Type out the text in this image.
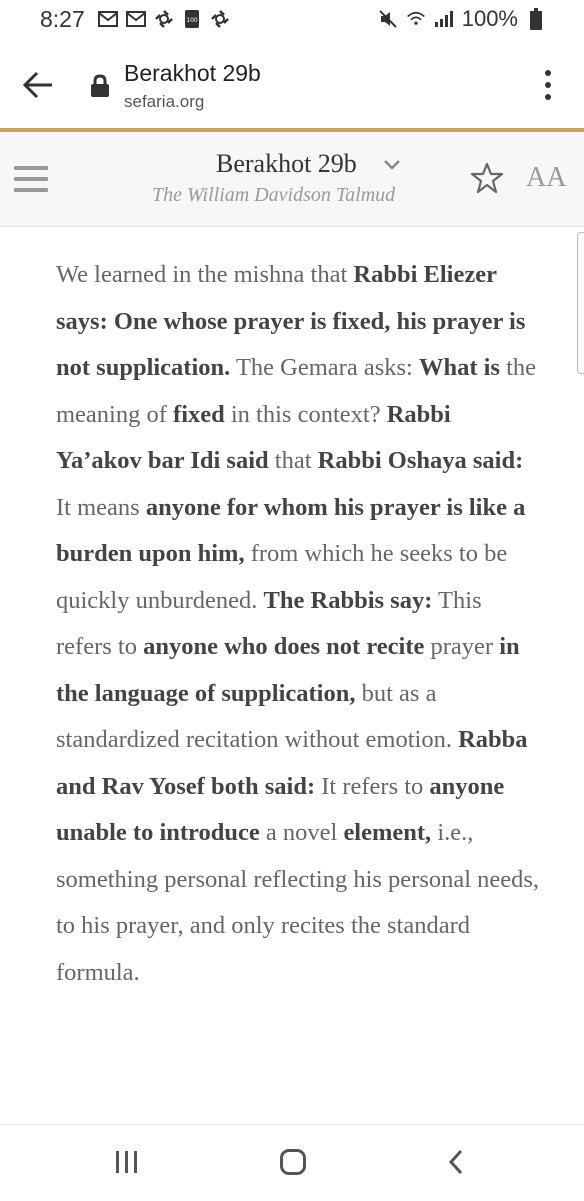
8:27	100	100%
Berakhot 29b
sefaria.org
Berakhot 29b
The William Davidson Talmud
AA
We learned in the mishna that Rabbi Eliezer says: One whose prayer is fixed, his prayer is not supplication. The Gemara asks: What is the meaning of fixed in this context? Rabbi Ya’akov bar Idi said that Rabbi Oshaya said: It means anyone for whom his prayer is like a burden upon him, from which he seeks to be quickly unburdened. The Rabbis say: This refers to anyone who does not recite prayer in the language of supplication, but as a standardized recitation without emotion. Rabba and Rav Yosef both said: It refers to anyone unable to introduce a novel element, i.e., something personal reflecting his personal needs, to his prayer, and only recites the standard formula.
